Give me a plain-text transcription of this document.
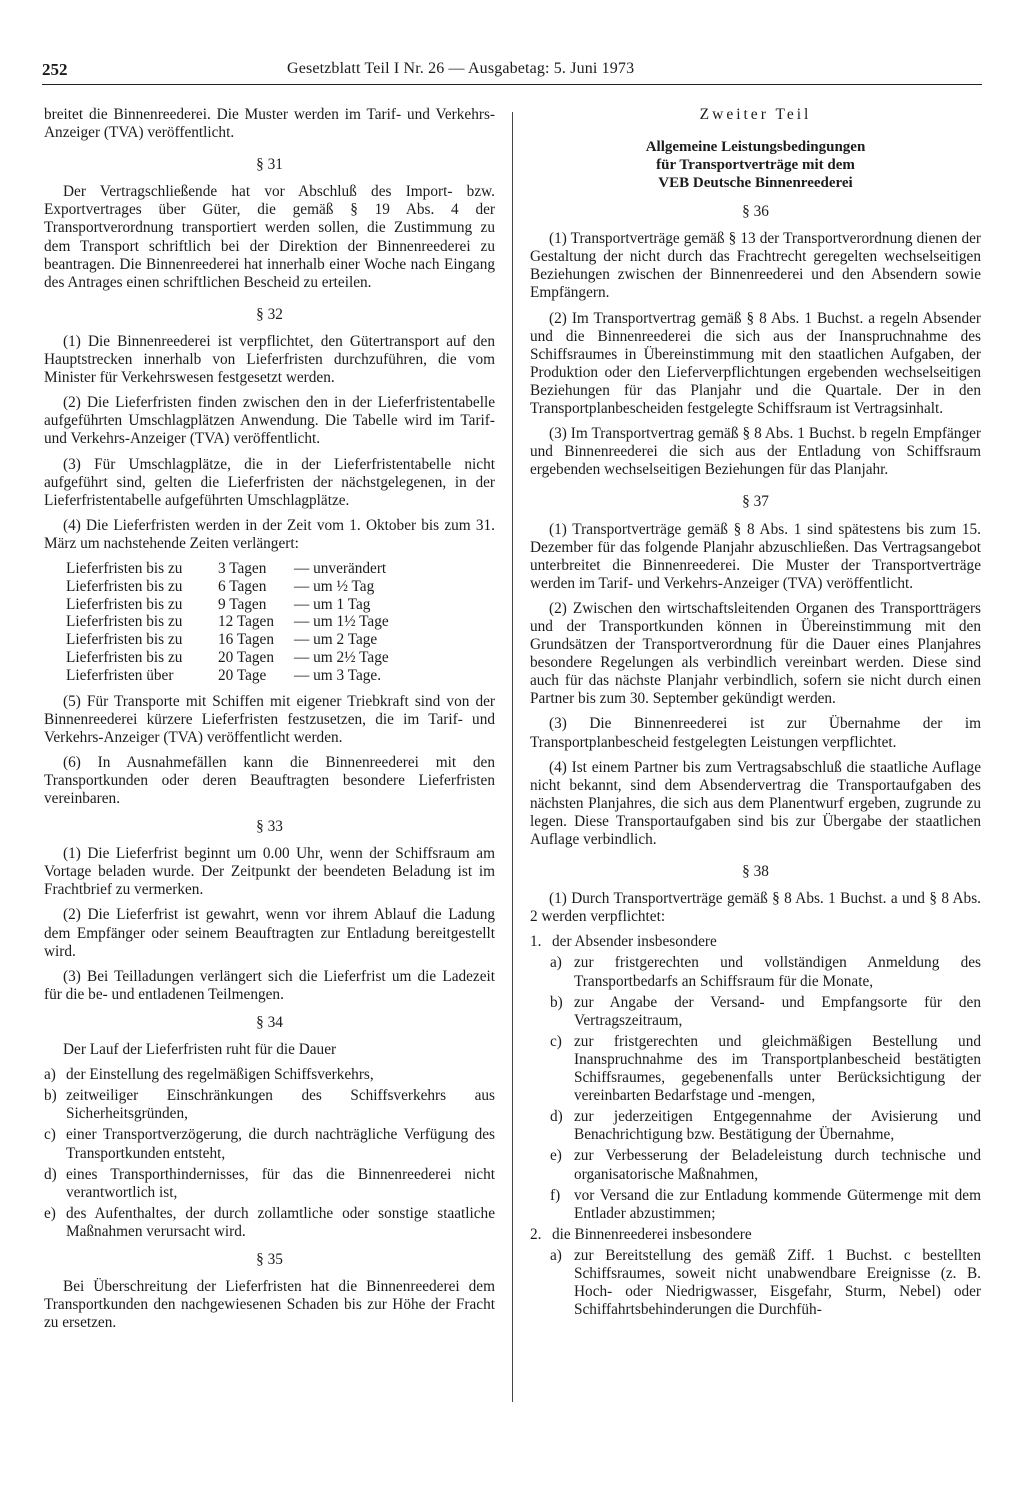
252	Gesetzblatt Teil I Nr. 26 — Ausgabetag: 5. Juni 1973

breitet die Binnenreederei. Die Muster werden im Tarif- und Verkehrs-Anzeiger (TVA) veröffentlicht.

§ 31

Der Vertragschließende hat vor Abschluß des Import- bzw. Exportvertrages über Güter, die gemäß § 19 Abs. 4 der Transportverordnung transportiert werden sollen, die Zustimmung zu dem Transport schriftlich bei der Direktion der Binnenreederei zu beantragen. Die Binnenreederei hat innerhalb einer Woche nach Eingang des Antrages einen schriftlichen Bescheid zu erteilen.

§ 32

(1) Die Binnenreederei ist verpflichtet, den Gütertransport auf den Hauptstrecken innerhalb von Lieferfristen durchzuführen, die vom Minister für Verkehrswesen festgesetzt werden.

(2) Die Lieferfristen finden zwischen den in der Lieferfristentabelle aufgeführten Umschlagplätzen Anwendung. Die Tabelle wird im Tarif- und Verkehrs-Anzeiger (TVA) veröffentlicht.

(3) Für Umschlagplätze, die in der Lieferfristentabelle nicht aufgeführt sind, gelten die Lieferfristen der nächstgelegenen, in der Lieferfristentabelle aufgeführten Umschlagplätze.

(4) Die Lieferfristen werden in der Zeit vom 1. Oktober bis zum 31. März um nachstehende Zeiten verlängert:

Lieferfristen bis zu	3 Tagen	— unverändert
Lieferfristen bis zu	6 Tagen	— um ½ Tag
Lieferfristen bis zu	9 Tagen	— um 1 Tag
Lieferfristen bis zu	12 Tagen	— um 1½ Tage
Lieferfristen bis zu	16 Tagen	— um 2 Tage
Lieferfristen bis zu	20 Tagen	— um 2½ Tage
Lieferfristen über	20 Tage	— um 3 Tage.

(5) Für Transporte mit Schiffen mit eigener Triebkraft sind von der Binnenreederei kürzere Lieferfristen festzusetzen, die im Tarif- und Verkehrs-Anzeiger (TVA) veröffentlicht werden.

(6) In Ausnahmefällen kann die Binnenreederei mit den Transportkunden oder deren Beauftragten besondere Lieferfristen vereinbaren.

§ 33

(1) Die Lieferfrist beginnt um 0.00 Uhr, wenn der Schiffsraum am Vortage beladen wurde. Der Zeitpunkt der beendeten Beladung ist im Frachtbrief zu vermerken.

(2) Die Lieferfrist ist gewahrt, wenn vor ihrem Ablauf die Ladung dem Empfänger oder seinem Beauftragten zur Entladung bereitgestellt wird.

(3) Bei Teilladungen verlängert sich die Lieferfrist um die Ladezeit für die be- und entladenen Teilmengen.

§ 34

Der Lauf der Lieferfristen ruht für die Dauer

a) der Einstellung des regelmäßigen Schiffsverkehrs,
b) zeitweiliger Einschränkungen des Schiffsverkehrs aus Sicherheitsgründen,
c) einer Transportverzögerung, die durch nachträgliche Verfügung des Transportkunden entsteht,
d) eines Transporthindernisses, für das die Binnenreederei nicht verantwortlich ist,
e) des Aufenthaltes, der durch zollamtliche oder sonstige staatliche Maßnahmen verursacht wird.

§ 35

Bei Überschreitung der Lieferfristen hat die Binnenreederei dem Transportkunden den nachgewiesenen Schaden bis zur Höhe der Fracht zu ersetzen.

Zweiter Teil

Allgemeine Leistungsbedingungen
für Transportverträge mit dem
VEB Deutsche Binnenreederei

§ 36

(1) Transportverträge gemäß § 13 der Transportverordnung dienen der Gestaltung der nicht durch das Frachtrecht geregelten wechselseitigen Beziehungen zwischen der Binnenreederei und den Absendern sowie Empfängern.

(2) Im Transportvertrag gemäß § 8 Abs. 1 Buchst. a regeln Absender und die Binnenreederei die sich aus der Inanspruchnahme des Schiffsraumes in Übereinstimmung mit den staatlichen Aufgaben, der Produktion oder den Lieferverpflichtungen ergebenden wechselseitigen Beziehungen für das Planjahr und die Quartale. Der in den Transportplanbescheiden festgelegte Schiffsraum ist Vertragsinhalt.

(3) Im Transportvertrag gemäß § 8 Abs. 1 Buchst. b regeln Empfänger und Binnenreederei die sich aus der Entladung von Schiffsraum ergebenden wechselseitigen Beziehungen für das Planjahr.

§ 37

(1) Transportverträge gemäß § 8 Abs. 1 sind spätestens bis zum 15. Dezember für das folgende Planjahr abzuschließen. Das Vertragsangebot unterbreitet die Binnenreederei. Die Muster der Transportverträge werden im Tarif- und Verkehrs-Anzeiger (TVA) veröffentlicht.

(2) Zwischen den wirtschaftsleitenden Organen des Transportträgers und der Transportkunden können in Übereinstimmung mit den Grundsätzen der Transportverordnung für die Dauer eines Planjahres besondere Regelungen als verbindlich vereinbart werden. Diese sind auch für das nächste Planjahr verbindlich, sofern sie nicht durch einen Partner bis zum 30. September gekündigt werden.

(3) Die Binnenreederei ist zur Übernahme der im Transportplanbescheid festgelegten Leistungen verpflichtet.

(4) Ist einem Partner bis zum Vertragsabschluß die staatliche Auflage nicht bekannt, sind dem Absendervertrag die Transportaufgaben des nächsten Planjahres, die sich aus dem Planentwurf ergeben, zugrunde zu legen. Diese Transportaufgaben sind bis zur Übergabe der staatlichen Auflage verbindlich.

§ 38

(1) Durch Transportverträge gemäß § 8 Abs. 1 Buchst. a und § 8 Abs. 2 werden verpflichtet:

1. der Absender insbesondere
a) zur fristgerechten und vollständigen Anmeldung des Transportbedarfs an Schiffsraum für die Monate,
b) zur Angabe der Versand- und Empfangsorte für den Vertragszeitraum,
c) zur fristgerechten und gleichmäßigen Bestellung und Inanspruchnahme des im Transportplanbescheid bestätigten Schiffsraumes, gegebenenfalls unter Berücksichtigung der vereinbarten Bedarfstage und -mengen,
d) zur jederzeitigen Entgegennahme der Avisierung und Benachrichtigung bzw. Bestätigung der Übernahme,
e) zur Verbesserung der Beladeleistung durch technische und organisatorische Maßnahmen,
f) vor Versand die zur Entladung kommende Gütermenge mit dem Entlader abzustimmen;
2. die Binnenreederei insbesondere
a) zur Bereitstellung des gemäß Ziff. 1 Buchst. c bestellten Schiffsraumes, soweit nicht unabwendbare Ereignisse (z. B. Hoch- oder Niedrigwasser, Eisgefahr, Sturm, Nebel) oder Schiffahrtsbehinderungen die Durchfüh-
